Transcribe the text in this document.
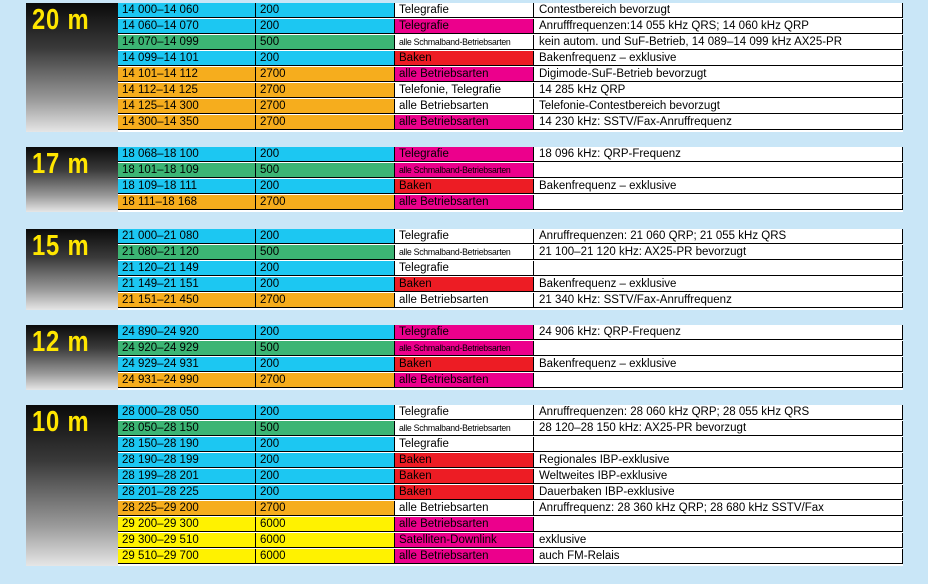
20 m	14 000–14 060	200	Telegrafie	Contestbereich bevorzugt
14 060–14 070	200	Telegrafie	Anrufffrequenzen:14 055 kHz QRS; 14 060 kHz QRP
14 070–14 099	500	alle Schmalband-Betriebsarten	kein autom. und SuF-Betrieb, 14 089–14 099 kHz AX25-PR
14 099–14 101	200	Baken	Bakenfrequenz – exklusive
14 101–14 112	2700	alle Betriebsarten	Digimode-SuF-Betrieb bevorzugt
14 112–14 125	2700	Telefonie, Telegrafie	14 285 kHz QRP
14 125–14 300	2700	alle Betriebsarten	Telefonie-Contestbereich bevorzugt
14 300–14 350	2700	alle Betriebsarten	14 230 kHz: SSTV/Fax-Anruffrequenz
17 m	18 068–18 100	200	Telegrafie	18 096 kHz: QRP-Frequenz
18 101–18 109	500	alle Schmalband-Betriebsarten
18 109–18 111	200	Baken	Bakenfrequenz – exklusive
18 111–18 168	2700	alle Betriebsarten
15 m	21 000–21 080	200	Telegrafie	Anruffrequenzen: 21 060 QRP; 21 055 kHz QRS
21 080–21 120	500	alle Schmalband-Betriebsarten	21 100–21 120 kHz: AX25-PR bevorzugt
21 120–21 149	200	Telegrafie
21 149–21 151	200	Baken	Bakenfrequenz – exklusive
21 151–21 450	2700	alle Betriebsarten	21 340 kHz: SSTV/Fax-Anruffrequenz
12 m	24 890–24 920	200	Telegrafie	24 906 kHz: QRP-Frequenz
24 920–24 929	500	alle Schmalband-Betriebsarten
24 929–24 931	200	Baken	Bakenfrequenz – exklusive
24 931–24 990	2700	alle Betriebsarten
10 m	28 000–28 050	200	Telegrafie	Anruffrequenzen: 28 060 kHz QRP; 28 055 kHz QRS
28 050–28 150	500	alle Schmalband-Betriebsarten	28 120–28 150 kHz: AX25-PR bevorzugt
28 150–28 190	200	Telegrafie
28 190–28 199	200	Baken	Regionales IBP-exklusive
28 199–28 201	200	Baken	Weltweites IBP-exklusive
28 201–28 225	200	Baken	Dauerbaken IBP-exklusive
28 225–29 200	2700	alle Betriebsarten	Anruffrequenz: 28 360 kHz QRP; 28 680 kHz SSTV/Fax
29 200–29 300	6000	alle Betriebsarten
29 300–29 510	6000	Satelliten-Downlink	exklusive
29 510–29 700	6000	alle Betriebsarten	auch FM-Relais
